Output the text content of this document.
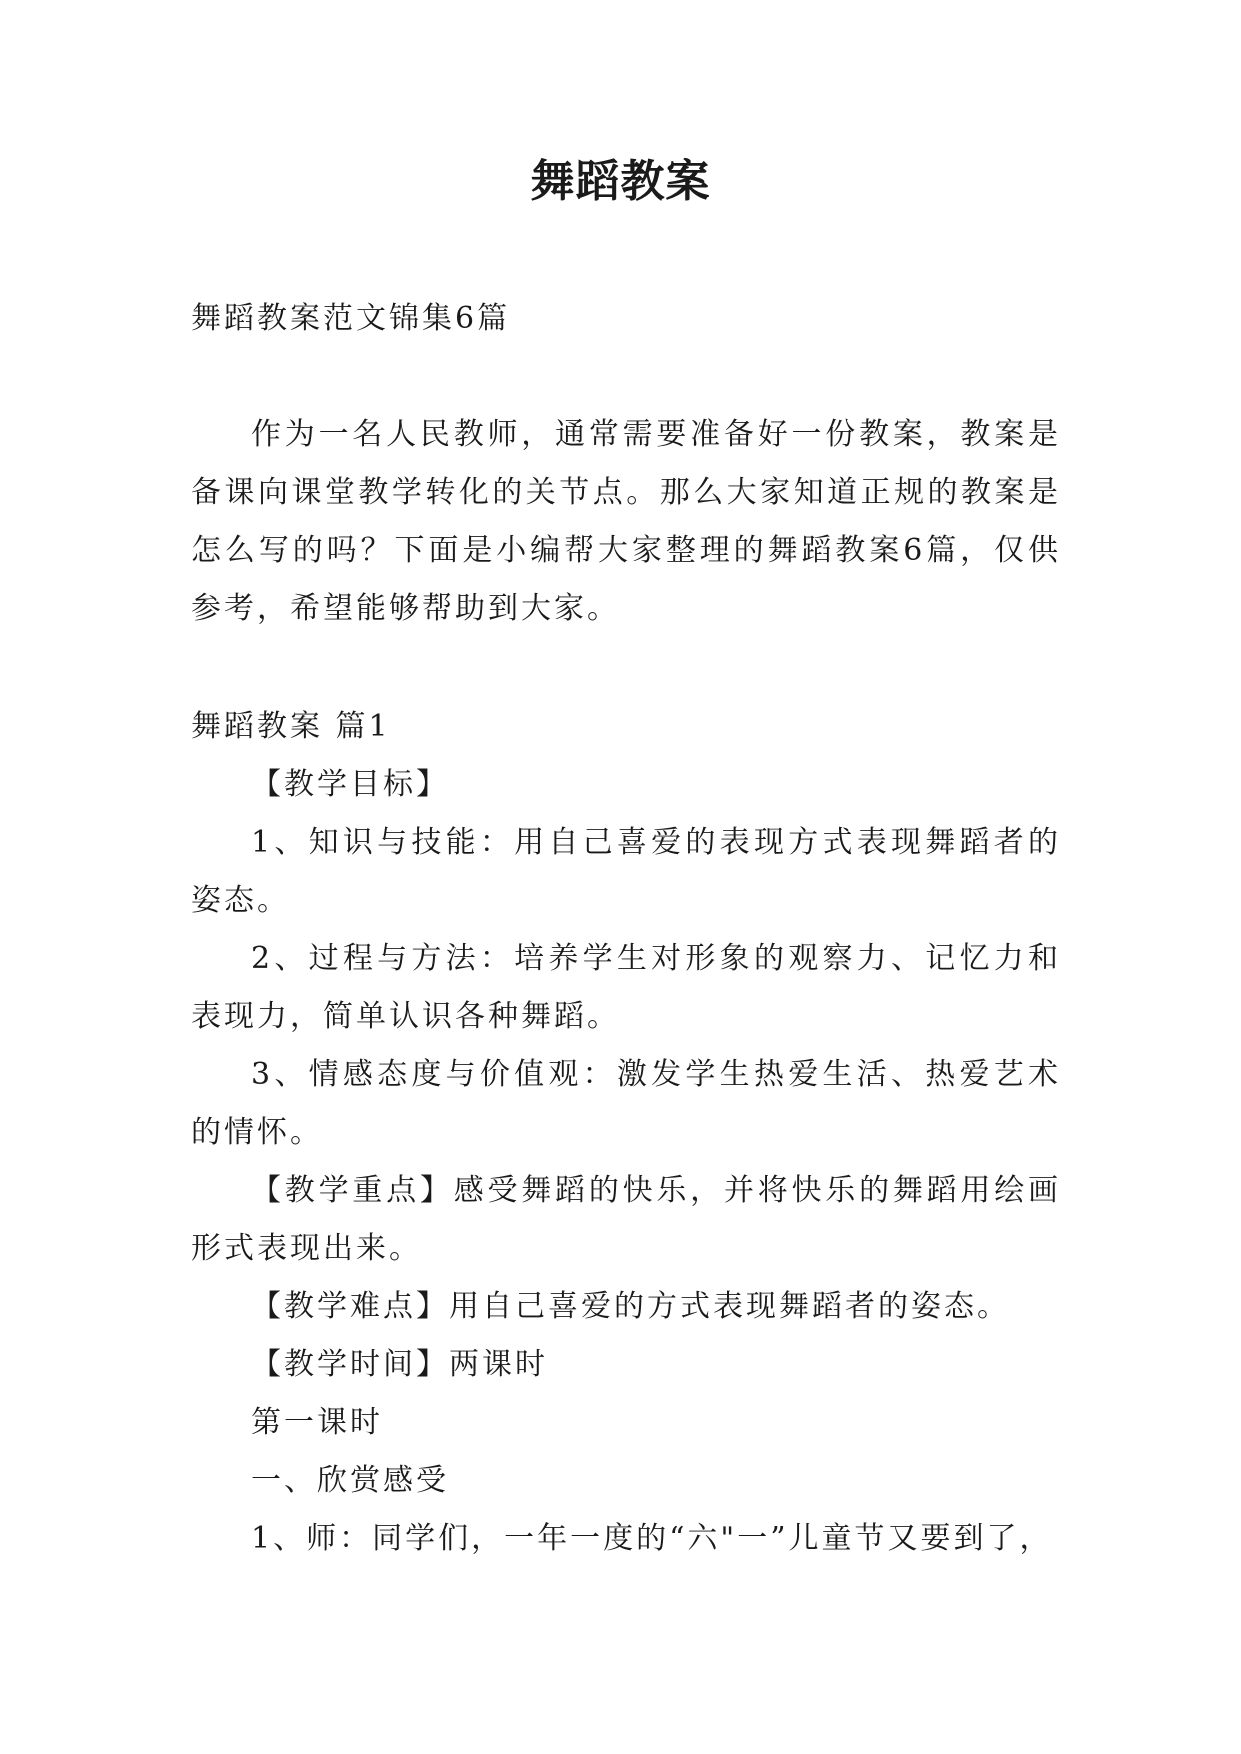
舞蹈教案

舞蹈教案范文锦集6篇

作为一名人民教师，通常需要准备好一份教案，教案是备课向课堂教学转化的关节点。那么大家知道正规的教案是怎么写的吗？下面是小编帮大家整理的舞蹈教案6篇，仅供参考，希望能够帮助到大家。

舞蹈教案 篇1

【教学目标】

1、知识与技能：用自己喜爱的表现方式表现舞蹈者的姿态。

2、过程与方法：培养学生对形象的观察力、记忆力和表现力，简单认识各种舞蹈。

3、情感态度与价值观：激发学生热爱生活、热爱艺术的情怀。

【教学重点】感受舞蹈的快乐，并将快乐的舞蹈用绘画形式表现出来。

【教学难点】用自己喜爱的方式表现舞蹈者的姿态。

【教学时间】两课时

第一课时

一、欣赏感受

1、师：同学们，一年一度的“六"一”儿童节又要到了，
